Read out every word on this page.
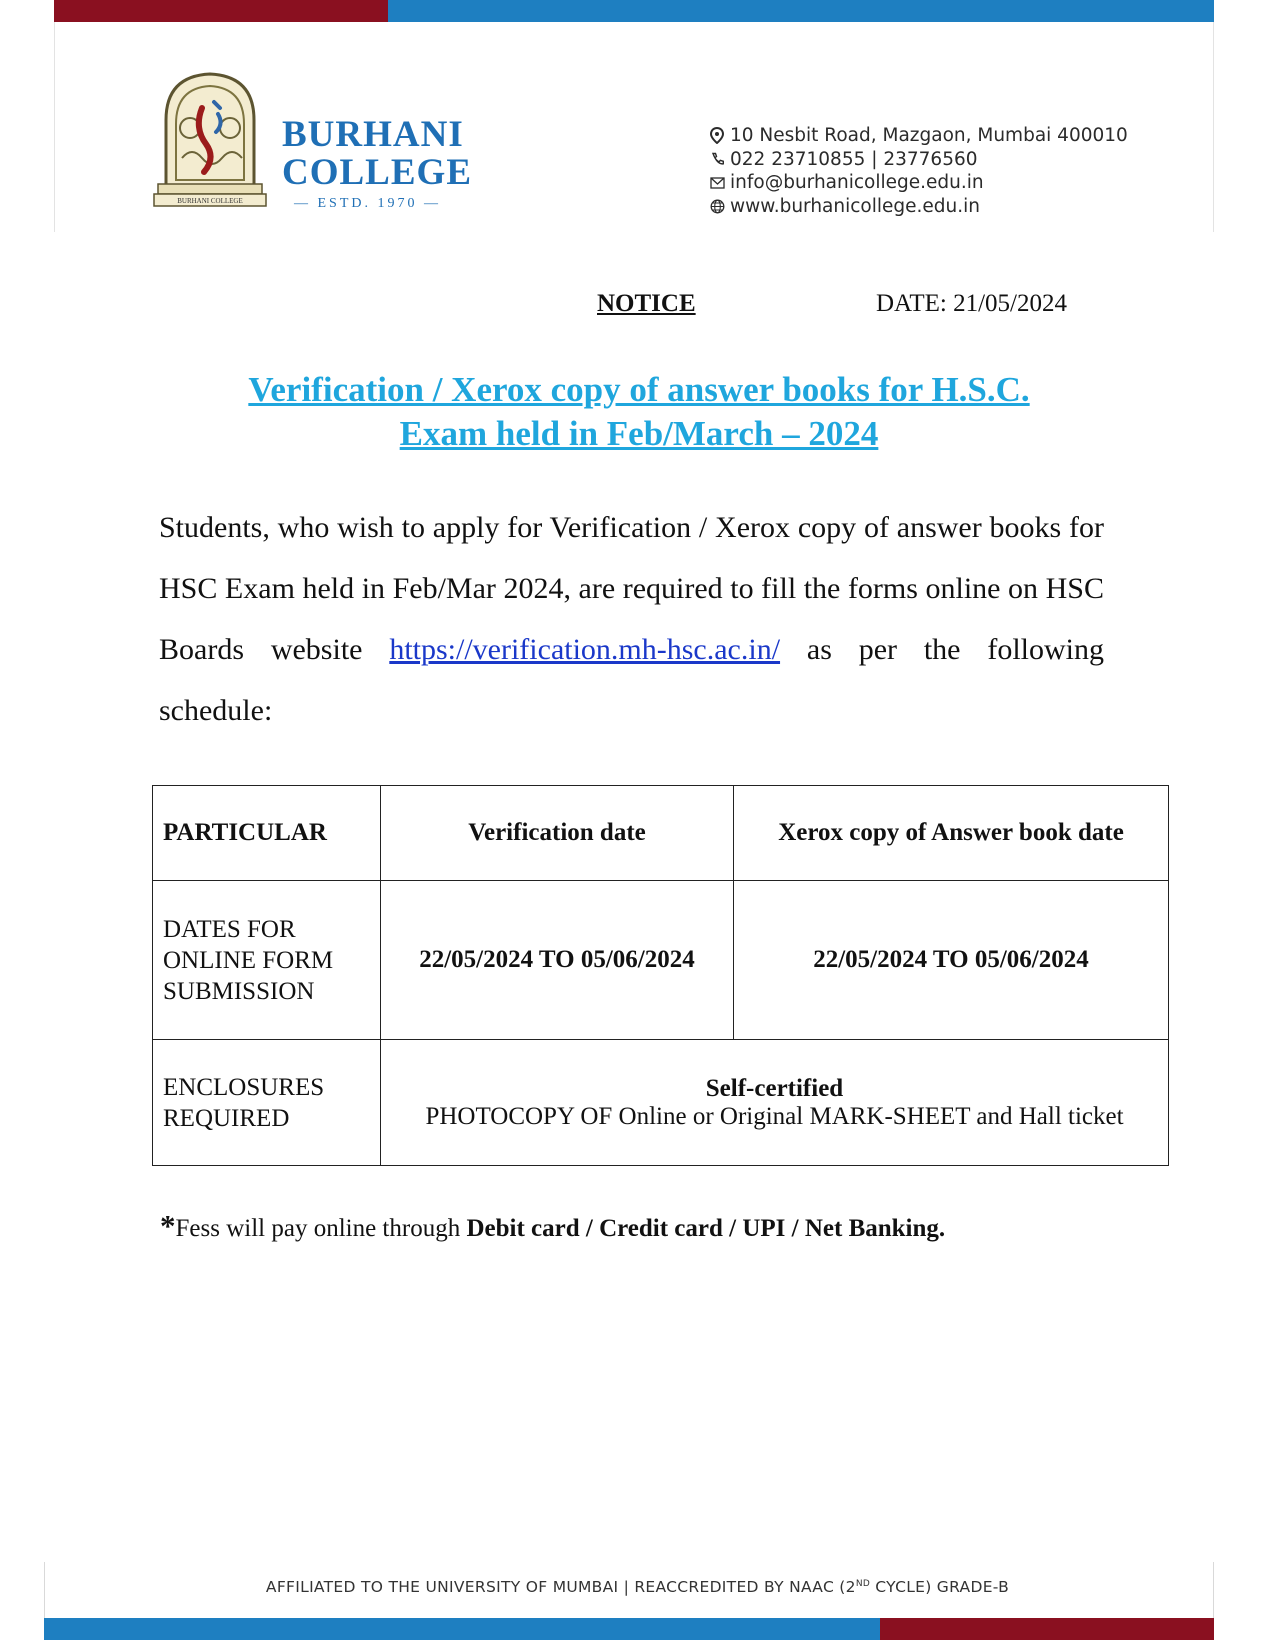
BURHANI COLLEGE
BURHANI
COLLEGE
— ESTD. 1970 —
10 Nesbit Road, Mazgaon, Mumbai 400010
022 23710855 | 23776560
info@burhanicollege.edu.in
www.burhanicollege.edu.in
NOTICE	DATE: 21/05/2024
Verification / Xerox copy of answer books for H.S.C.
Exam held in Feb/March – 2024
Students, who wish to apply for Verification / Xerox copy of answer books for HSC Exam held in Feb/Mar 2024, are required to fill the forms online on HSC Boards website https://verification.mh-hsc.ac.in/ as per the following schedule:
PARTICULAR	Verification date	Xerox copy of Answer book date
DATES FOR ONLINE FORM SUBMISSION	22/05/2024 TO 05/06/2024	22/05/2024 TO 05/06/2024
ENCLOSURES REQUIRED	Self-certified
PHOTOCOPY OF Online or Original MARK-SHEET and Hall ticket	
*Fess will pay online through Debit card / Credit card / UPI / Net Banking.
AFFILIATED TO THE UNIVERSITY OF MUMBAI | REACCREDITED BY NAAC (2ND CYCLE) GRADE-B
